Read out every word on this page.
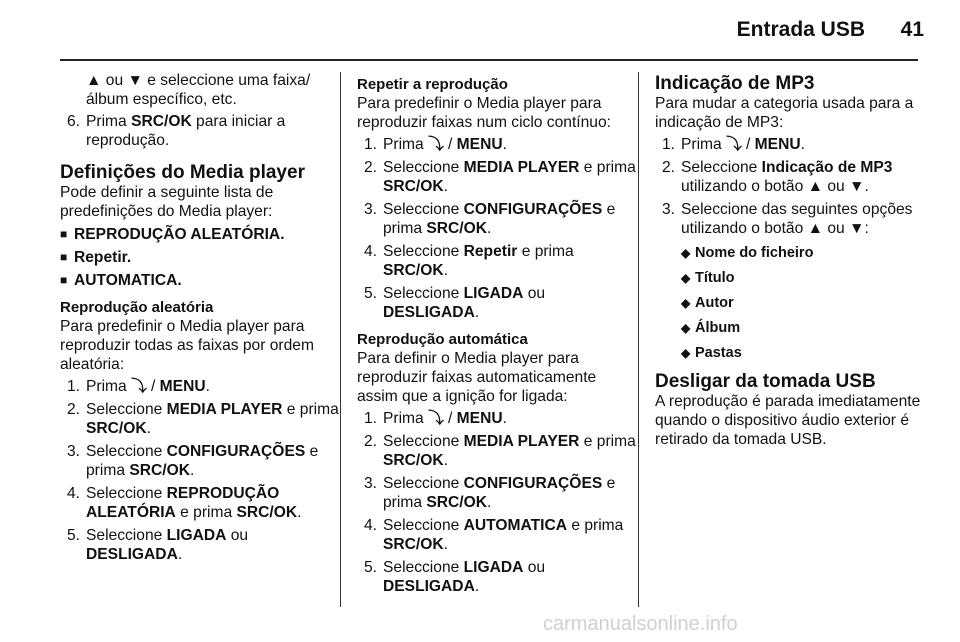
Entrada USB 41

▲ ou ▼ e seleccione uma faixa/ álbum específico, etc.

6. Prima SRC/OK para iniciar a reprodução.
Definições do Media player

Pode definir a seguinte lista de predefinições do Media player:

■ REPRODUÇÃO ALEATÓRIA.
■ Repetir.
■ AUTOMATICA.
Reprodução aleatória

Para predefinir o Media player para reproduzir todas as faixas por ordem aleatória:

1. Prima ⤵ / MENU.
2. Seleccione MEDIA PLAYER e prima SRC/OK.
3. Seleccione CONFIGURAÇÕES e prima SRC/OK.
4. Seleccione REPRODUÇÃO ALEATÓRIA e prima SRC/OK.
5. Seleccione LIGADA ou DESLIGADA.
Repetir a reprodução

Para predefinir o Media player para reproduzir faixas num ciclo contínuo:

1. Prima ⤵ / MENU.
2. Seleccione MEDIA PLAYER e prima SRC/OK.
3. Seleccione CONFIGURAÇÕES e prima SRC/OK.
4. Seleccione Repetir e prima SRC/OK.
5. Seleccione LIGADA ou DESLIGADA.
Reprodução automática

Para definir o Media player para reproduzir faixas automaticamente assim que a ignição for ligada:

1. Prima ⤵ / MENU.
2. Seleccione MEDIA PLAYER e prima SRC/OK.
3. Seleccione CONFIGURAÇÕES e prima SRC/OK.
4. Seleccione AUTOMATICA e prima SRC/OK.
5. Seleccione LIGADA ou DESLIGADA.
Indicação de MP3

Para mudar a categoria usada para a indicação de MP3:

1. Prima ⤵ / MENU.
2. Seleccione Indicação de MP3 utilizando o botão ▲ ou ▼.
3. Seleccione das seguintes opções utilizando o botão ▲ ou ▼:
◆ Nome do ficheiro
◆ Título
◆ Autor
◆ Álbum
◆ Pastas
Desligar da tomada USB

A reprodução é parada imediatamente quando o dispositivo áudio exterior é retirado da tomada USB.

carmanualsonline.info
